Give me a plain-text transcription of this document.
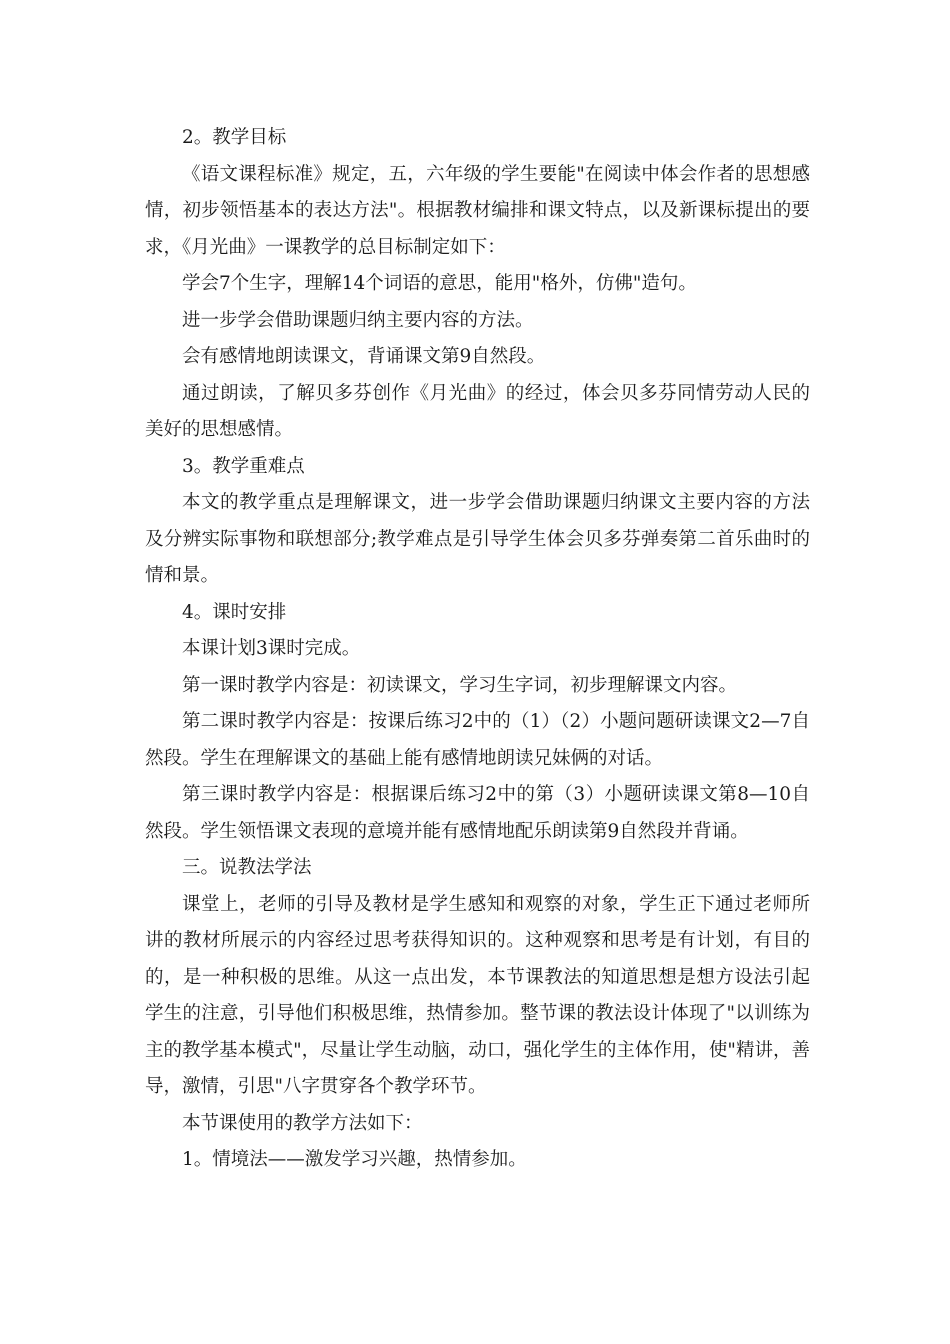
2。教学目标

《语文课程标准》规定，五，六年级的学生要能"在阅读中体会作者的思想感情，初步领悟基本的表达方法"。根据教材编排和课文特点，以及新课标提出的要求，《月光曲》一课教学的总目标制定如下：

学会7个生字，理解14个词语的意思，能用"格外，仿佛"造句。

进一步学会借助课题归纳主要内容的方法。

会有感情地朗读课文，背诵课文第9自然段。

通过朗读，了解贝多芬创作《月光曲》的经过，体会贝多芬同情劳动人民的美好的思想感情。

3。教学重难点

本文的教学重点是理解课文，进一步学会借助课题归纳课文主要内容的方法及分辨实际事物和联想部分;教学难点是引导学生体会贝多芬弹奏第二首乐曲时的情和景。

4。课时安排

本课计划3课时完成。

第一课时教学内容是：初读课文，学习生字词，初步理解课文内容。

第二课时教学内容是：按课后练习2中的（1）（2）小题问题研读课文2—7自然段。学生在理解课文的基础上能有感情地朗读兄妹俩的对话。

第三课时教学内容是：根据课后练习2中的第（3）小题研读课文第8—10自然段。学生领悟课文表现的意境并能有感情地配乐朗读第9自然段并背诵。

三。说教法学法

课堂上，老师的引导及教材是学生感知和观察的对象，学生正下通过老师所讲的教材所展示的内容经过思考获得知识的。这种观察和思考是有计划，有目的的，是一种积极的思维。从这一点出发，本节课教法的知道思想是想方设法引起学生的注意，引导他们积极思维，热情参加。整节课的教法设计体现了"以训练为主的教学基本模式"，尽量让学生动脑，动口，强化学生的主体作用，使"精讲，善导，激情，引思"八字贯穿各个教学环节。

本节课使用的教学方法如下：

1。情境法——激发学习兴趣，热情参加。
